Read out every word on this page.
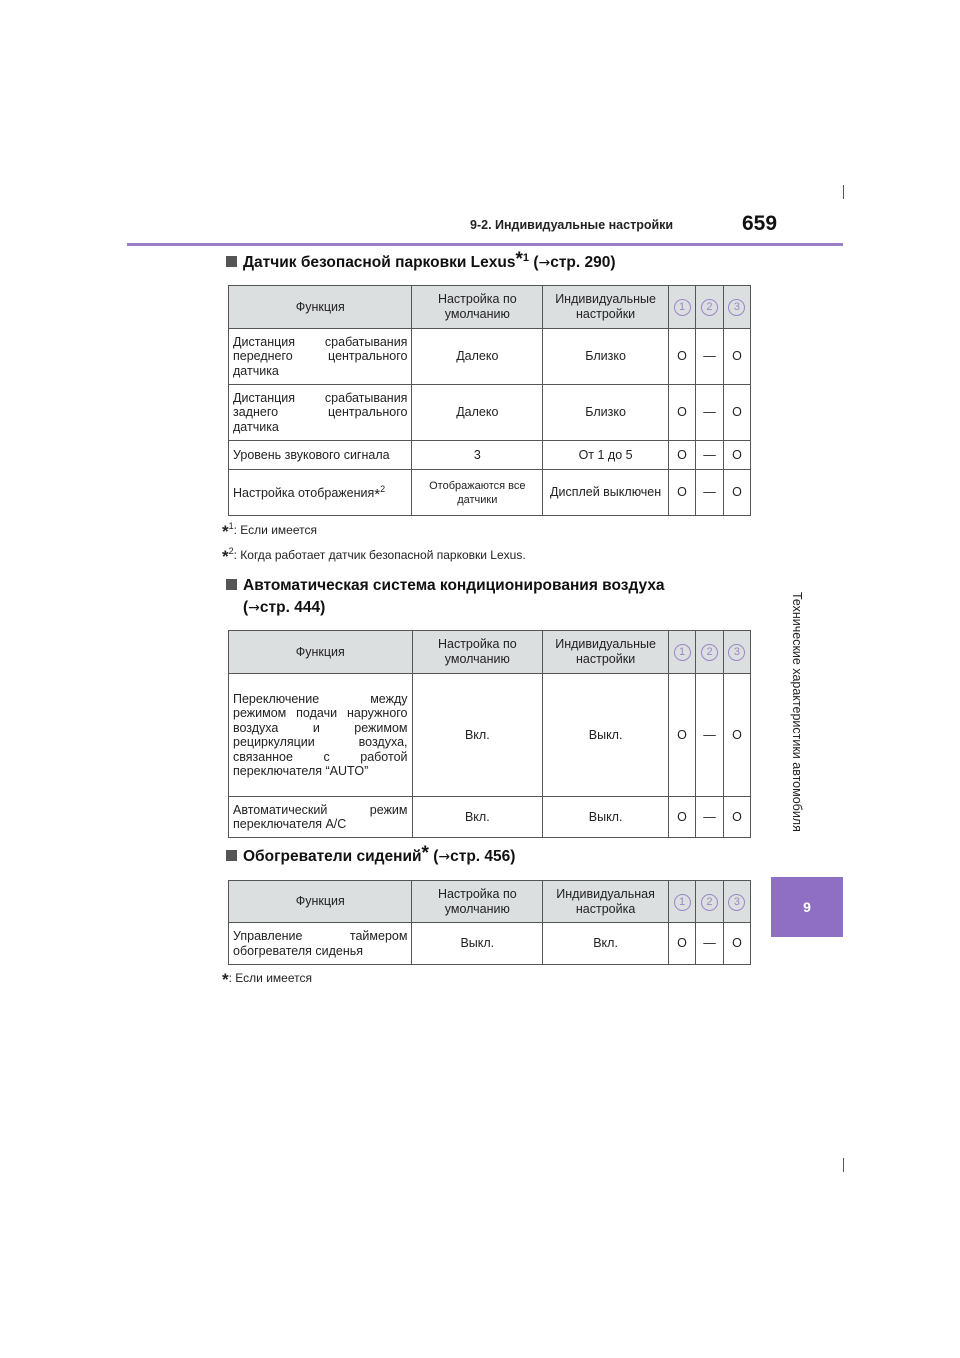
9-2. Индивидуальные настройки	659
Технические характеристики автомобиля
9
Датчик безопасной парковки Lexus*$^1$ (→стр. 290)
Функция	Настройка по умолчанию	Индивидуальные настройки	1	2	3
Дистанция срабатывания переднего центрального датчика	Далеко	Близко	O	—	O
Дистанция срабатывания заднего центрального датчика	Далеко	Близко	O	—	O
Уровень звукового сигнала	3	От 1 до 5	O	—	O
Настройка отображения*$^2$	Отображаются все датчики	Дисплей выключен	O	—	O
*$^1$: Если имеется
*$^2$: Когда работает датчик безопасной парковки Lexus.
Автоматическая система кондиционирования воздуха
(→стр. 444)
Функция	Настройка по умолчанию	Индивидуальные настройки	1	2	3
Переключение между режимом подачи наружного воздуха и режимом рециркуляции воздуха, связанное с работой переключателя “AUTO”	Вкл.	Выкл.	O	—	O
Автоматический режим переключателя A/C	Вкл.	Выкл.	O	—	O
Обогреватели сидений* (→стр. 456)
Функция	Настройка по умолчанию	Индивидуальная настройка	1	2	3
Управление таймером обогревателя сиденья	Выкл.	Вкл.	O	—	O
*: Если имеется
